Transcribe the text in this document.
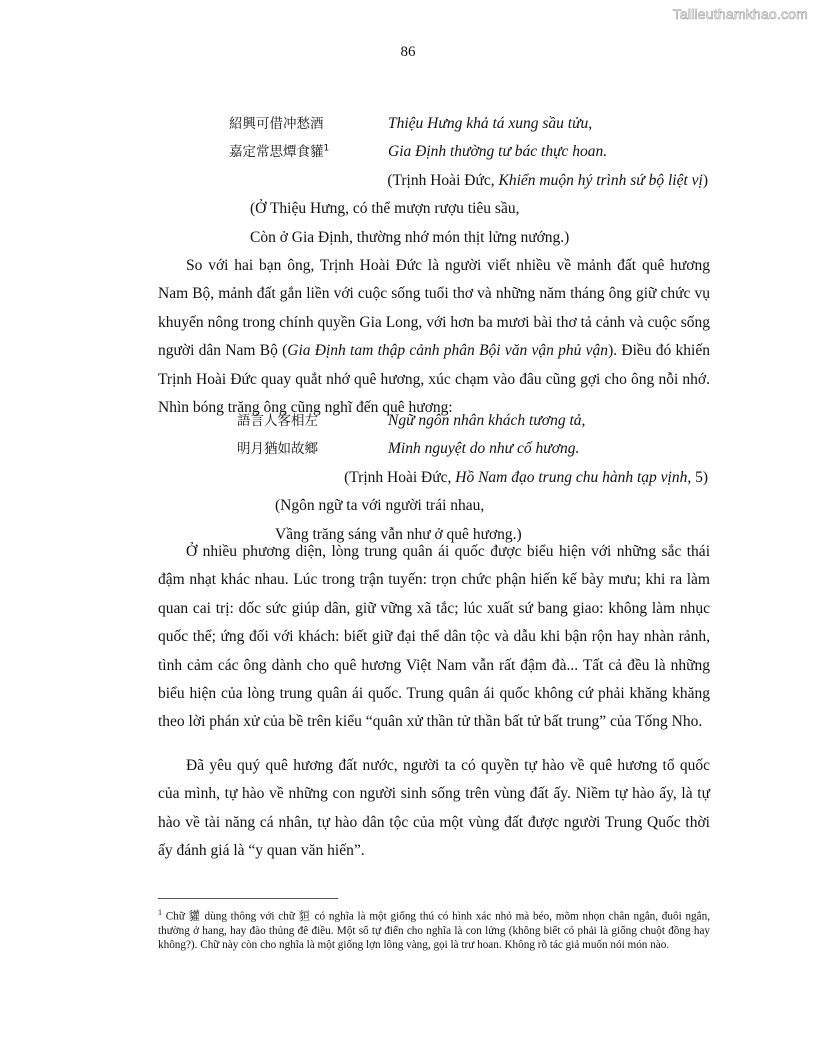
Tailieuthamkhao.com
86
紹興可借冲愁酒	Thiệu Hưng khả tá xung sầu tửu,
嘉定常思燂食貛$^1$	Gia Định thường tư bác thực hoan.
(Trịnh Hoài Đức, Khiển muộn hý trình sứ bộ liệt vị)
(Ở Thiệu Hưng, có thể mượn rượu tiêu sầu,
Còn ở Gia Định, thường nhớ món thịt lửng nướng.)

So với hai bạn ông, Trịnh Hoài Đức là người viết nhiều về mảnh đất quê hương Nam Bộ, mảnh đất gắn liền với cuộc sống tuổi thơ và những năm tháng ông giữ chức vụ khuyến nông trong chính quyền Gia Long, với hơn ba mươi bài thơ tả cảnh và cuộc sống người dân Nam Bộ (Gia Định tam thập cảnh phân Bội văn vận phủ vận). Điều đó khiến Trịnh Hoài Đức quay quắt nhớ quê hương, xúc chạm vào đâu cũng gợi cho ông nỗi nhớ. Nhìn bóng trăng ông cũng nghĩ đến quê hương:

語言人客相左	Ngữ ngôn nhân khách tương tả,
明月猶如故鄉	Minh nguyệt do như cố hương.
(Trịnh Hoài Đức, Hồ Nam đạo trung chu hành tạp vịnh, 5)
(Ngôn ngữ ta với người trái nhau,
Vầng trăng sáng vẫn như ở quê hương.)

Ở nhiều phương diện, lòng trung quân ái quốc được biểu hiện với những sắc thái đậm nhạt khác nhau. Lúc trong trận tuyến: trọn chức phận hiến kế bày mưu; khi ra làm quan cai trị: dốc sức giúp dân, giữ vững xã tắc; lúc xuất sứ bang giao: không làm nhục quốc thể; ứng đối với khách: biết giữ đại thể dân tộc và dẫu khi bận rộn hay nhàn rảnh, tình cảm các ông dành cho quê hương Việt Nam vẫn rất đậm đà... Tất cả đều là những biểu hiện của lòng trung quân ái quốc. Trung quân ái quốc không cứ phải khăng khăng theo lời phán xử của bề trên kiểu “quân xử thần tử thần bất tử bất trung” của Tống Nho.

Đã yêu quý quê hương đất nước, người ta có quyền tự hào về quê hương tổ quốc của mình, tự hào về những con người sinh sống trên vùng đất ấy. Niềm tự hào ấy, là tự hào về tài năng cá nhân, tự hào dân tộc của một vùng đất được người Trung Quốc thời ấy đánh giá là “y quan văn hiến”.

$^1$ Chữ 貛 dùng thông với chữ 貆 có nghĩa là một giống thú có hình xác nhỏ mà béo, mõm nhọn chân ngắn, đuôi ngắn, thường ở hang, hay đào thủng đê điều. Một số tự điển cho nghĩa là con lửng (không biết có phải là giống chuột đồng hay không?). Chữ này còn cho nghĩa là một giống lợn lông vàng, gọi là trư hoan. Không rõ tác giả muốn nói món nào.
